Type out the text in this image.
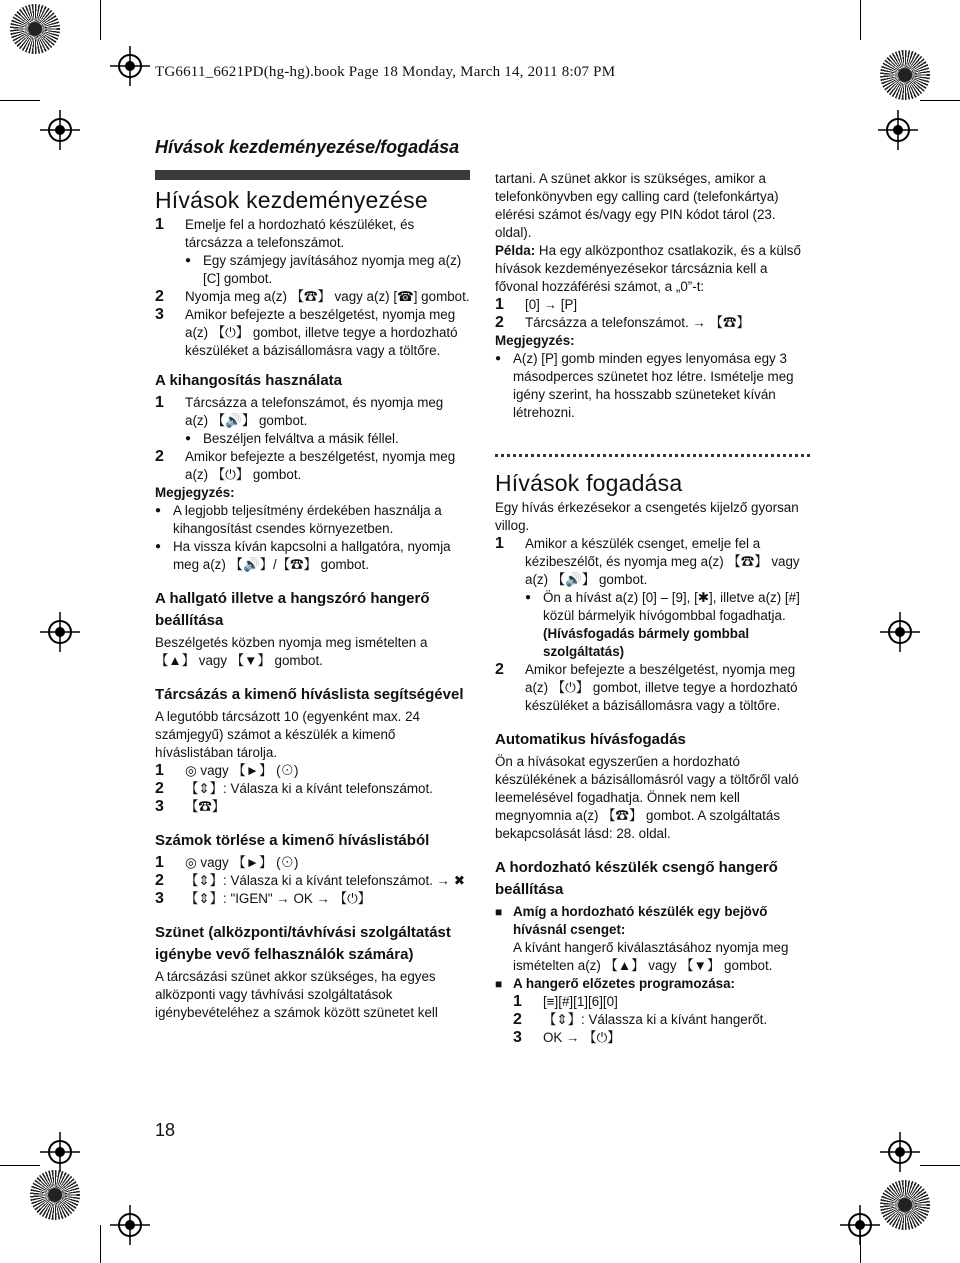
TG6611_6621PD(hg-hg).book Page 18 Monday, March 14, 2011 8:07 PM
Hívások kezdeményezése/fogadása
18
Hívások kezdeményezése
1	Emelje fel a hordozható készüléket, és tárcsázza a telefonszámot.
● Egy számjegy javításához nyomja meg a(z) [C] gombot.
2	Nyomja meg a(z) 【☎】 vagy a(z) [☎] gombot.
3	Amikor befejezte a beszélgetést, nyomja meg a(z) 【⏻】 gombot, illetve tegye a hordozható készüléket a bázisállomásra vagy a töltőre.
A kihangosítás használata
1	Tárcsázza a telefonszámot, és nyomja meg a(z) 【🔊】 gombot.
● Beszéljen felváltva a másik féllel.
2	Amikor befejezte a beszélgetést, nyomja meg a(z) 【⏻】 gombot.

Megjegyzés:

● A legjobb teljesítmény érdekében használja a kihangosítást csendes környezetben.
● Ha vissza kíván kapcsolni a hallgatóra, nyomja meg a(z) 【🔊】/【☎】 gombot.
A hallgató illetve a hangszóró hangerő beállítása

Beszélgetés közben nyomja meg ismételten a 【▲】 vagy 【▼】 gombot.

Tárcsázás a kimenő híváslista segítségével

A legutóbb tárcsázott 10 (egyenként max. 24 számjegyű) számot a készülék a kimenő híváslistában tárolja.

1	◎ vagy 【►】 (⊙)
2	【⇕】: Válasza ki a kívánt telefonszámot.
3	【☎】
Számok törlése a kimenő híváslistából
1	◎ vagy 【►】 (⊙)
2	【⇕】: Válasza ki a kívánt telefonszámot. → ✖
3	【⇕】: "IGEN" → OK → 【⏻】
Szünet (alközponti/távhívási szolgáltatást igénybe vevő felhasználók számára)

A tárcsázási szünet akkor szükséges, ha egyes alközponti vagy távhívási szolgáltatások igénybevételéhez a számok között szünetet kell

tartani. A szünet akkor is szükséges, amikor a telefonkönyvben egy calling card (telefonkártya) elérési számot és/vagy egy PIN kódot tárol (23. oldal).

Példa: Ha egy alközponthoz csatlakozik, és a külső hívások kezdeményezésekor tárcsáznia kell a fővonal hozzáférési számot, a „0”-t:

1	[0] → [P]
2	Tárcsázza a telefonszámot. → 【☎】

Megjegyzés:

● A(z) [P] gomb minden egyes lenyomása egy 3 másodperces szünetet hoz létre. Ismételje meg igény szerint, ha hosszabb szüneteket kíván létrehozni.
Hívások fogadása

Egy hívás érkezésekor a csengetés kijelző gyorsan villog.

1	Amikor a készülék csenget, emelje fel a kézibeszélőt, és nyomja meg a(z) 【☎】 vagy a(z) 【🔊】 gombot.
● Ön a hívást a(z) [0] – [9], [✱], illetve a(z) [#] közül bármelyik hívógombbal fogadhatja.
(Hívásfogadás bármely gombbal szolgáltatás)
2	Amikor befejezte a beszélgetést, nyomja meg a(z) 【⏻】 gombot, illetve tegye a hordozható készüléket a bázisállomásra vagy a töltőre.
Automatikus hívásfogadás

Ön a hívásokat egyszerűen a hordozható készülékének a bázisállomásról vagy a töltőről való leemelésével fogadhatja. Önnek nem kell megnyomnia a(z) 【☎】 gombot. A szolgáltatás bekapcsolását lásd: 28. oldal.

A hordozható készülék csengő hangerő beállítása
■ Amíg a hordozható készülék egy bejövő hívásnál csenget:

A kívánt hangerő kiválasztásához nyomja meg ismételten a(z) 【▲】 vagy 【▼】 gombot.

■ A hangerő előzetes programozása:
1	[≡][#][1][6][0]
2	【⇕】: Válassza ki a kívánt hangerőt.
3	OK → 【⏻】
